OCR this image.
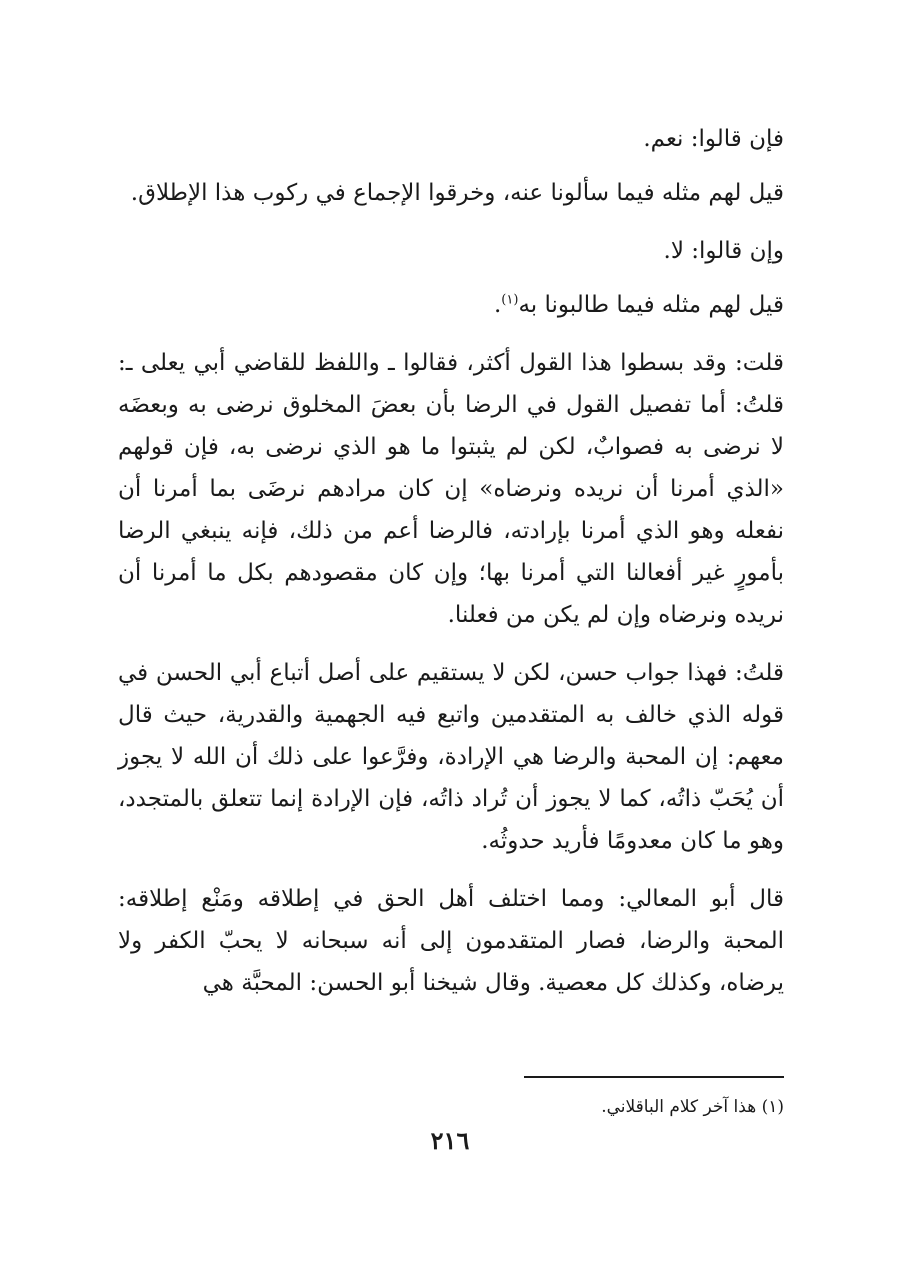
فإن قالوا: نعم.

قيل لهم مثله فيما سألونا عنه، وخرقوا الإجماع في ركوب هذا الإطلاق.

وإن قالوا: لا.

قيل لهم مثله فيما طالبونا به$^{(١)}$.

قلت: وقد بسطوا هذا القول أكثر، فقالوا ـ واللفظ للقاضي أبي يعلى ـ: قلتُ: أما تفصيل القول في الرضا بأن بعضَ المخلوق نرضى به وبعضَه لا نرضى به فصوابٌ، لكن لم يثبتوا ما هو الذي نرضى به، فإن قولهم «الذي أمرنا أن نريده ونرضاه» إن كان مرادهم نرضَى بما أمرنا أن نفعله وهو الذي أمرنا بإرادته، فالرضا أعم من ذلك، فإنه ينبغي الرضا بأمورٍ غير أفعالنا التي أمرنا بها؛ وإن كان مقصودهم بكل ما أمرنا أن نريده ونرضاه وإن لم يكن من فعلنا.

قلتُ: فهذا جواب حسن، لكن لا يستقيم على أصل أتباع أبي الحسن في قوله الذي خالف به المتقدمين واتبع فيه الجهمية والقدرية، حيث قال معهم: إن المحبة والرضا هي الإرادة، وفرَّعوا على ذلك أن الله لا يجوز أن يُحَبّ ذاتُه، كما لا يجوز أن تُراد ذاتُه، فإن الإرادة إنما تتعلق بالمتجدد، وهو ما كان معدومًا فأريد حدوثُه.

قال أبو المعالي: ومما اختلف أهل الحق في إطلاقه ومَنْع إطلاقه: المحبة والرضا، فصار المتقدمون إلى أنه سبحانه لا يحبّ الكفر ولا يرضاه، وكذلك كل معصية. وقال شيخنا أبو الحسن: المحبَّة هي

(١) هذا آخر كلام الباقلاني.
٢١٦
